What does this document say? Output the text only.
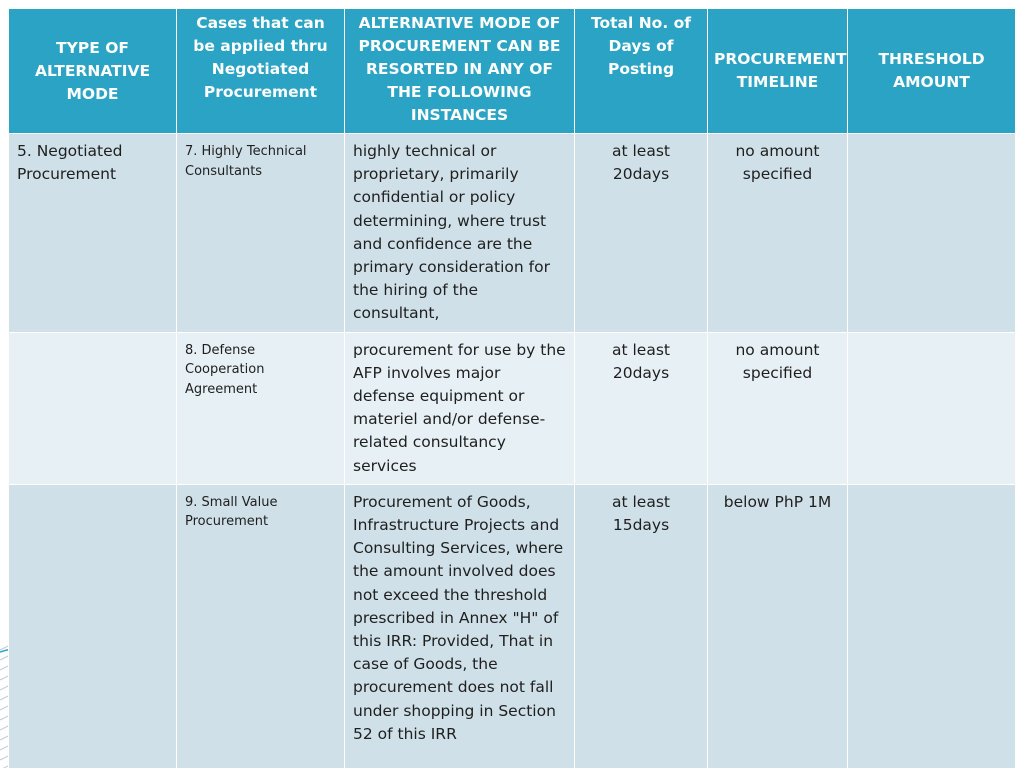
TYPE OF ALTERNATIVE MODE	Cases that can be applied thru Negotiated Procurement	ALTERNATIVE MODE OF PROCUREMENT CAN BE RESORTED IN ANY OF THE FOLLOWING INSTANCES	Total No. of Days of Posting	PROCUREMENT TIMELINE	THRESHOLD AMOUNT

5. Negotiated Procurement	7. Highly Technical Consultants	highly technical or proprietary, primarily confidential or policy determining, where trust and confidence are the primary consideration for the hiring of the consultant,	at least 20days	no amount specified	

	8. Defense Cooperation Agreement	procurement for use by the AFP involves major defense equipment or materiel and/or defense-related consultancy services	at least 20days	no amount specified	

	9. Small Value Procurement	Procurement of Goods, Infrastructure Projects and Consulting Services, where the amount involved does not exceed the threshold prescribed in Annex "H" of this IRR: Provided, That in case of Goods, the procurement does not fall under shopping in Section 52 of this IRR	at least 15days	below PhP 1M	
